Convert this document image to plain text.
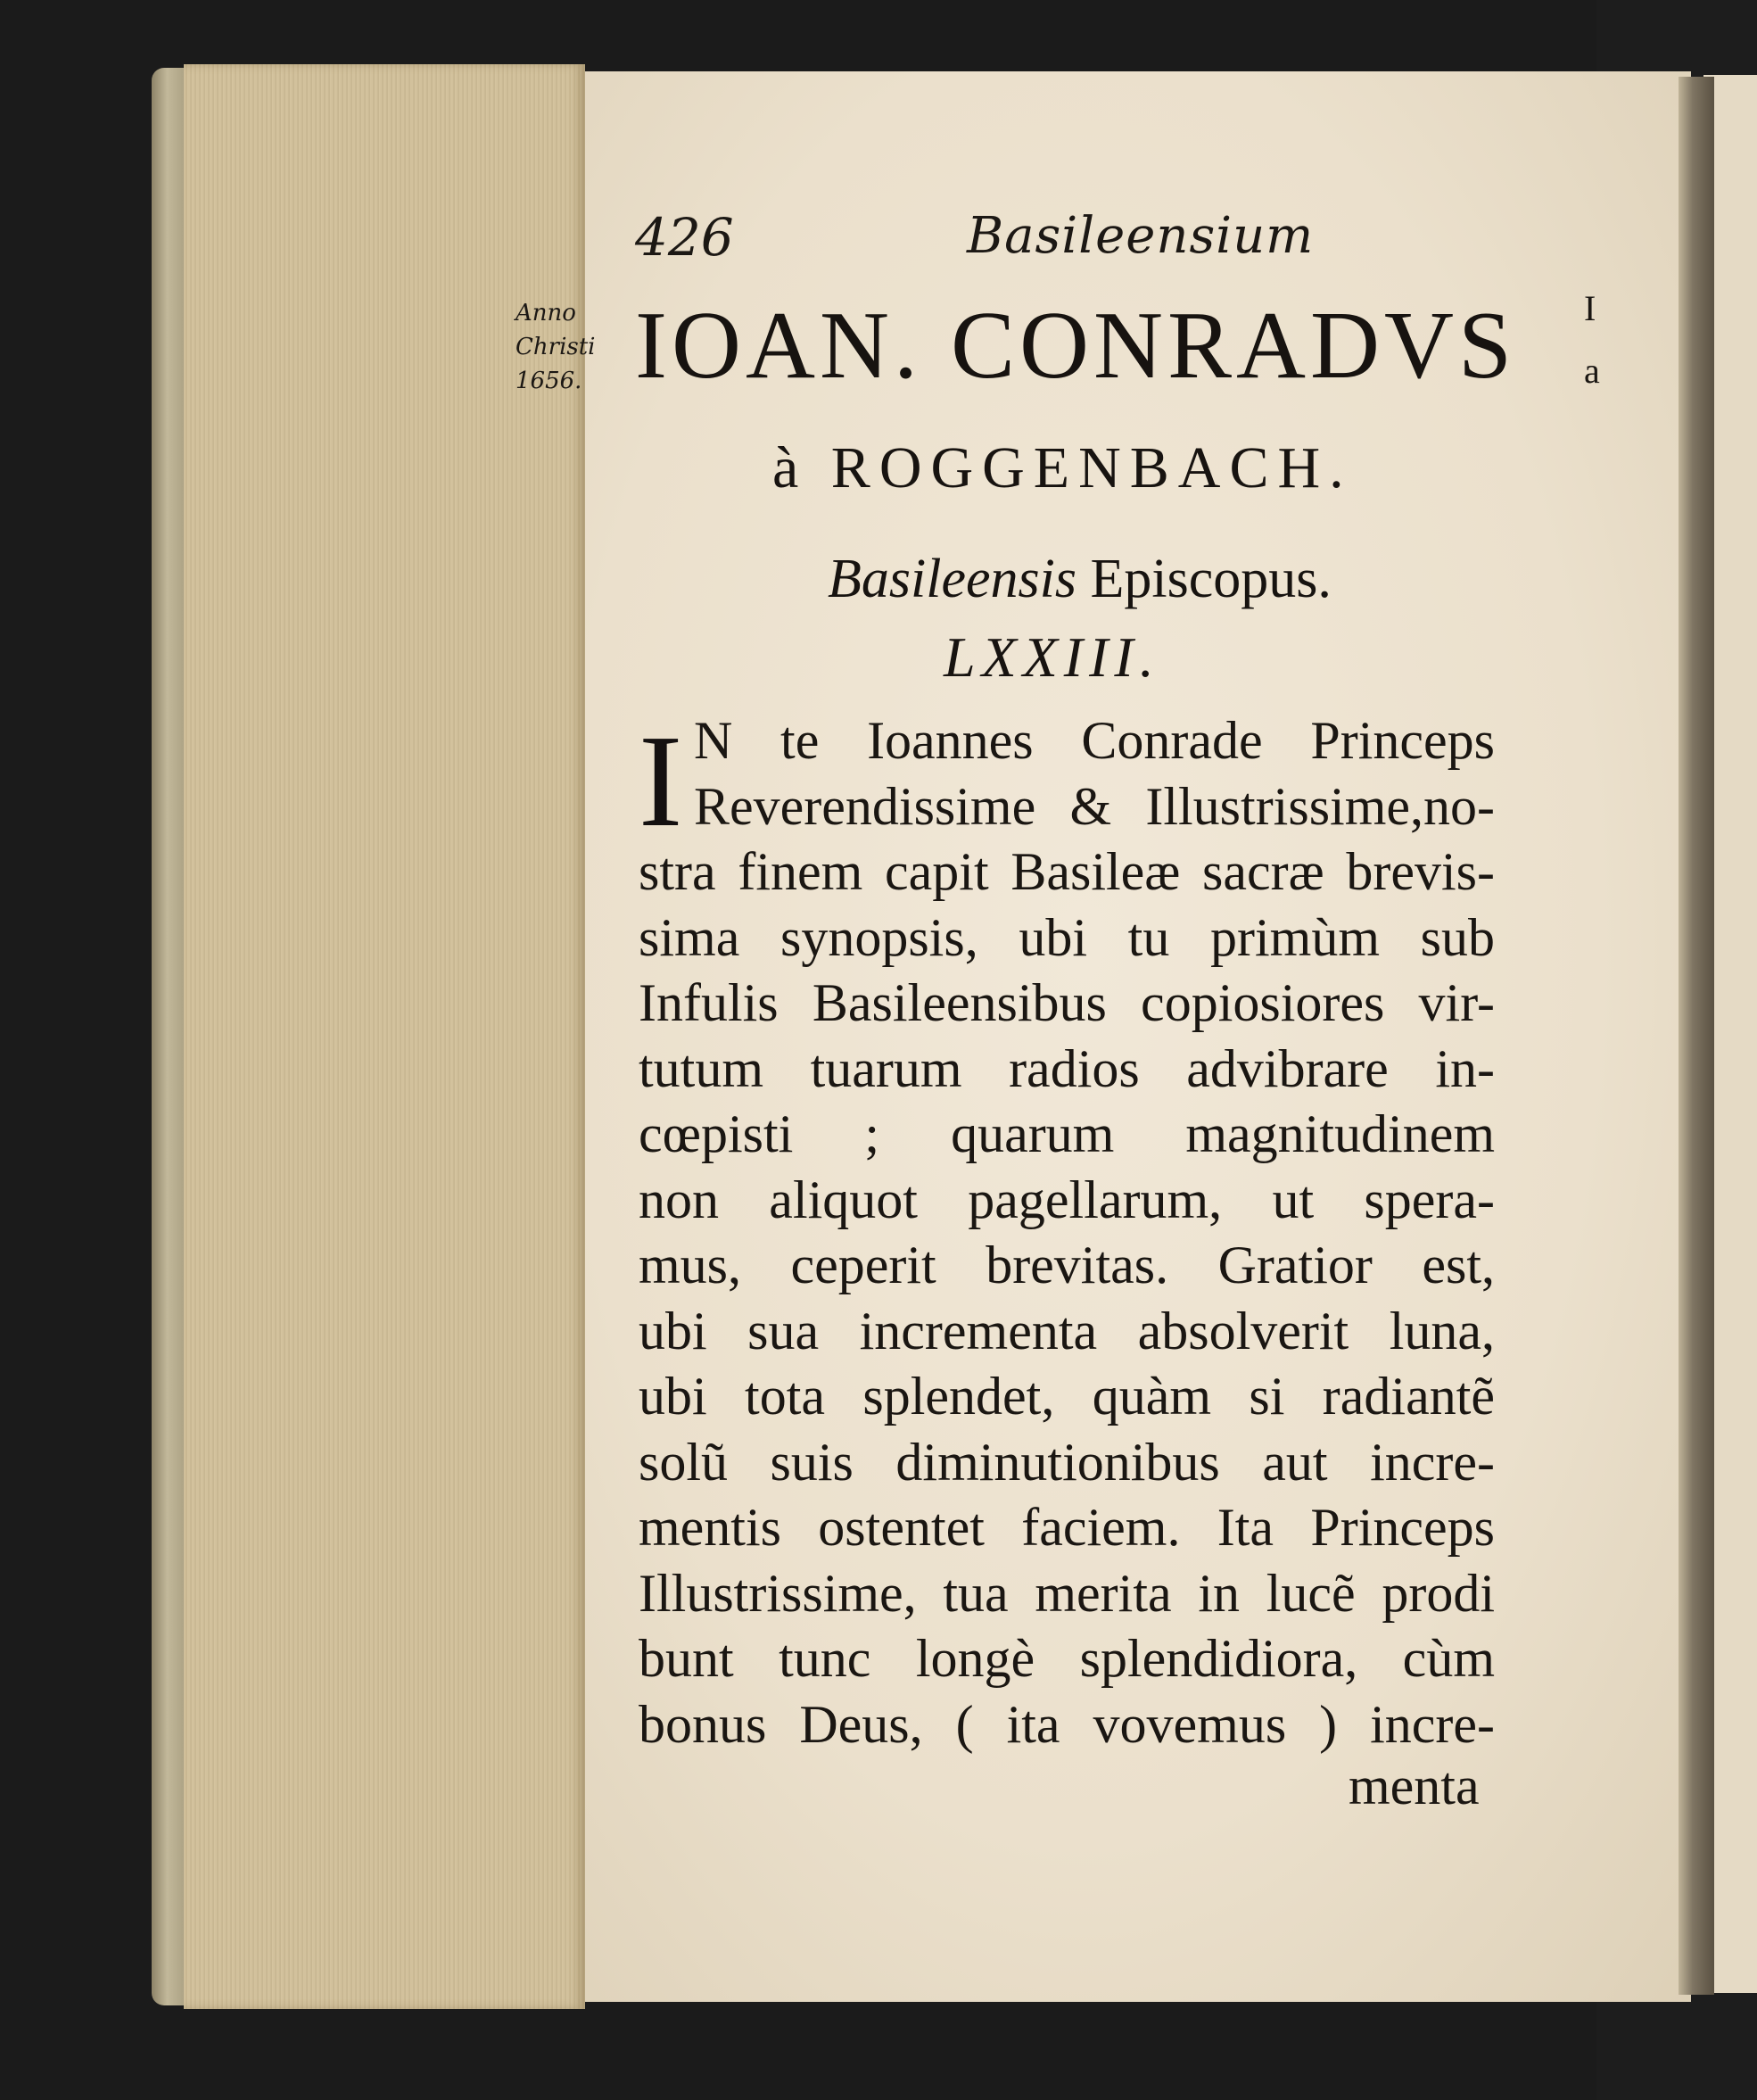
426	Basileensium
Anno
Christi
1656. IOAN. CONRADVS
à ROGGENBACH.
Basileensis Episcopus.
LXXIII.
I N te Ioannes Conrade Princeps
Reverendissime & Illustrissime,no-
stra finem capit Basileæ sacræ brevis-
sima synopsis, ubi tu primùm sub
Infulis Basileensibus copiosiores vir-
tutum tuarum radios advibrare in-
cœpisti ; quarum magnitudinem
non aliquot pagellarum, ut spera-
mus, ceperit brevitas. Gratior est,
ubi sua incrementa absolverit luna,
ubi tota splendet, quàm si radiantẽ
solũ suis diminutionibus aut incre-
mentis ostentet faciem. Ita Princeps
Illustrissime, tua merita in lucẽ prodi
bunt tunc longè splendidiora, cùm
bonus Deus, ( ita vovemus ) incre-
menta
I
a
